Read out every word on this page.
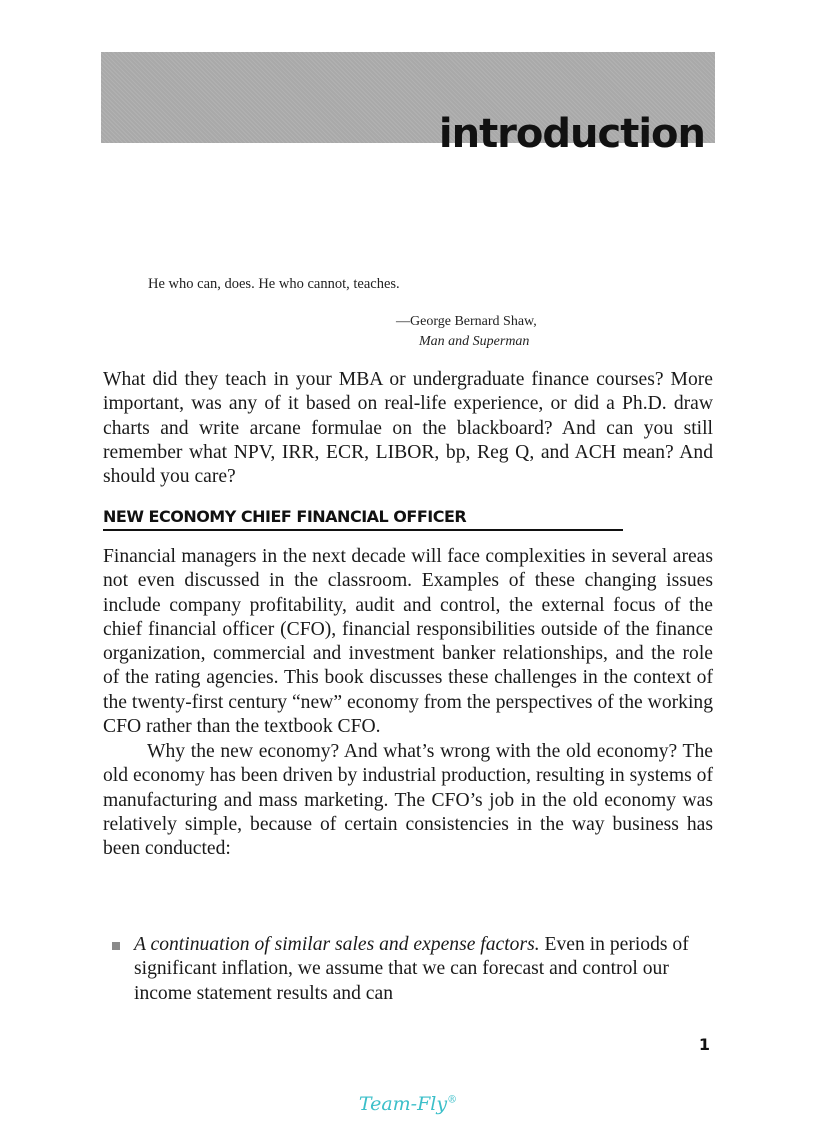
introduction

He who can, does. He who cannot, teaches.

—George Bernard Shaw,
Man and Superman

What did they teach in your MBA or undergraduate finance courses? More important, was any of it based on real-life experience, or did a Ph.D. draw charts and write arcane formulae on the blackboard? And can you still remember what NPV, IRR, ECR, LIBOR, bp, Reg Q, and ACH mean? And should you care?

NEW ECONOMY CHIEF FINANCIAL OFFICER

Financial managers in the next decade will face complexities in several areas not even discussed in the classroom. Examples of these changing issues include company profitability, audit and control, the external focus of the chief financial officer (CFO), financial responsibilities outside of the finance organization, commercial and investment banker relationships, and the role of the rating agencies. This book discusses these challenges in the context of the twenty-first century “new” economy from the perspectives of the working CFO rather than the textbook CFO.

Why the new economy? And what’s wrong with the old economy? The old economy has been driven by industrial production, resulting in systems of manufacturing and mass marketing. The CFO’s job in the old economy was relatively simple, because of certain consistencies in the way business has been conducted:

A continuation of similar sales and expense factors. Even in periods of significant inflation, we assume that we can forecast and control our income statement results and can
1
Team-Fly®
